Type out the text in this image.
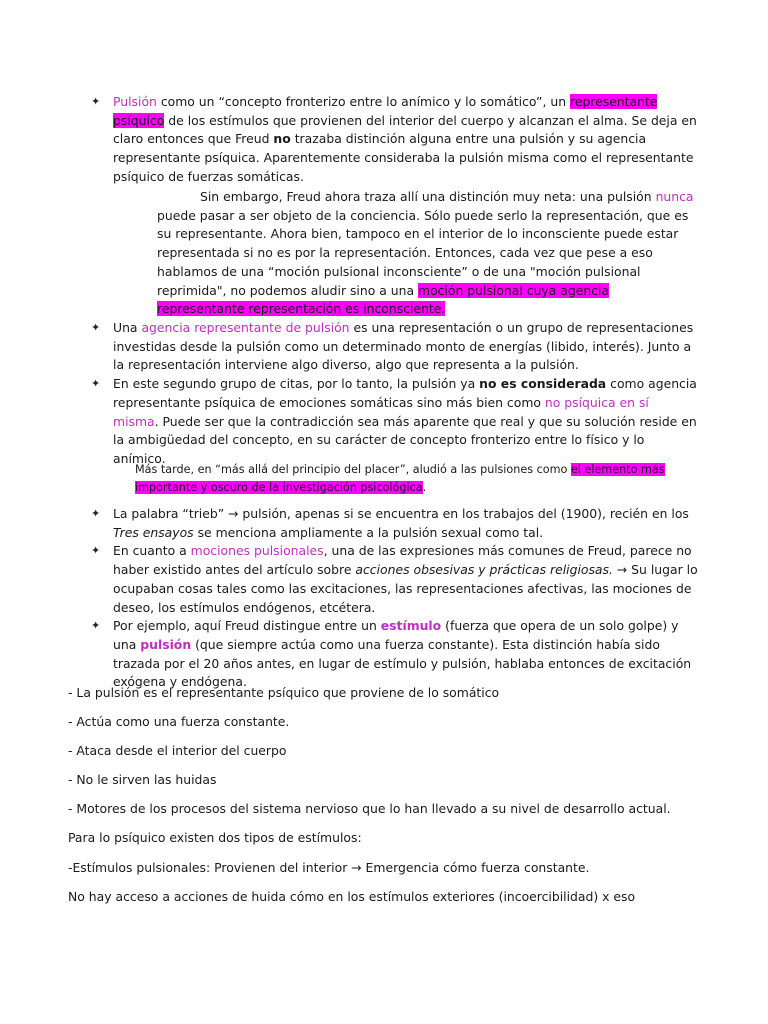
✦ Pulsión como un “concepto fronterizo entre lo anímico y lo somático”, un representante psíquico de los estímulos que provienen del interior del cuerpo y alcanzan el alma. Se deja en claro entonces que Freud no trazaba distinción alguna entre una pulsión y su agencia representante psíquica. Aparentemente consideraba la pulsión misma como el representante psíquico de fuerzas somáticas.
Sin embargo, Freud ahora traza allí una distinción muy neta: una pulsión nunca puede pasar a ser objeto de la conciencia. Sólo puede serlo la representación, que es su representante. Ahora bien, tampoco en el interior de lo inconsciente puede estar representada si no es por la representación. Entonces, cada vez que pese a eso hablamos de una “moción pulsional inconsciente” o de una "moción pulsional reprimida", no podemos aludir sino a una moción pulsional cuya agencia representante representación es inconsciente.
✦ Una agencia representante de pulsión es una representación o un grupo de representaciones investidas desde la pulsión como un determinado monto de energías (libido, interés). Junto a la representación interviene algo diverso, algo que representa a la pulsión.
✦ En este segundo grupo de citas, por lo tanto, la pulsión ya no es considerada como agencia representante psíquica de emociones somáticas sino más bien como no psíquica en sí misma. Puede ser que la contradicción sea más aparente que real y que su solución reside en la ambigüedad del concepto, en su carácter de concepto fronterizo entre lo físico y lo anímico.
Más tarde, en “más allá del principio del placer”, aludió a las pulsiones como el elemento más importante y oscuro de la investigación psicológica.
✦ La palabra “trieb” → pulsión, apenas si se encuentra en los trabajos del (1900), recién en los Tres ensayos se menciona ampliamente a la pulsión sexual como tal.
✦ En cuanto a mociones pulsionales, una de las expresiones más comunes de Freud, parece no haber existido antes del artículo sobre acciones obsesivas y prácticas religiosas. → Su lugar lo ocupaban cosas tales como las excitaciones, las representaciones afectivas, las mociones de deseo, los estímulos endógenos, etcétera.
✦ Por ejemplo, aquí Freud distingue entre un estímulo (fuerza que opera de un solo golpe) y una pulsión (que siempre actúa como una fuerza constante). Esta distinción había sido trazada por el 20 años antes, en lugar de estímulo y pulsión, hablaba entonces de excitación exógena y endógena.
- La pulsión es el representante psíquico que proviene de lo somático
- Actúa como una fuerza constante.
- Ataca desde el interior del cuerpo
- No le sirven las huidas
- Motores de los procesos del sistema nervioso que lo han llevado a su nivel de desarrollo actual.
Para lo psíquico existen dos tipos de estímulos:
-Estímulos pulsionales: Provienen del interior → Emergencia cómo fuerza constante.
No hay acceso a acciones de huida cómo en los estímulos exteriores (incoercibilidad) x eso
